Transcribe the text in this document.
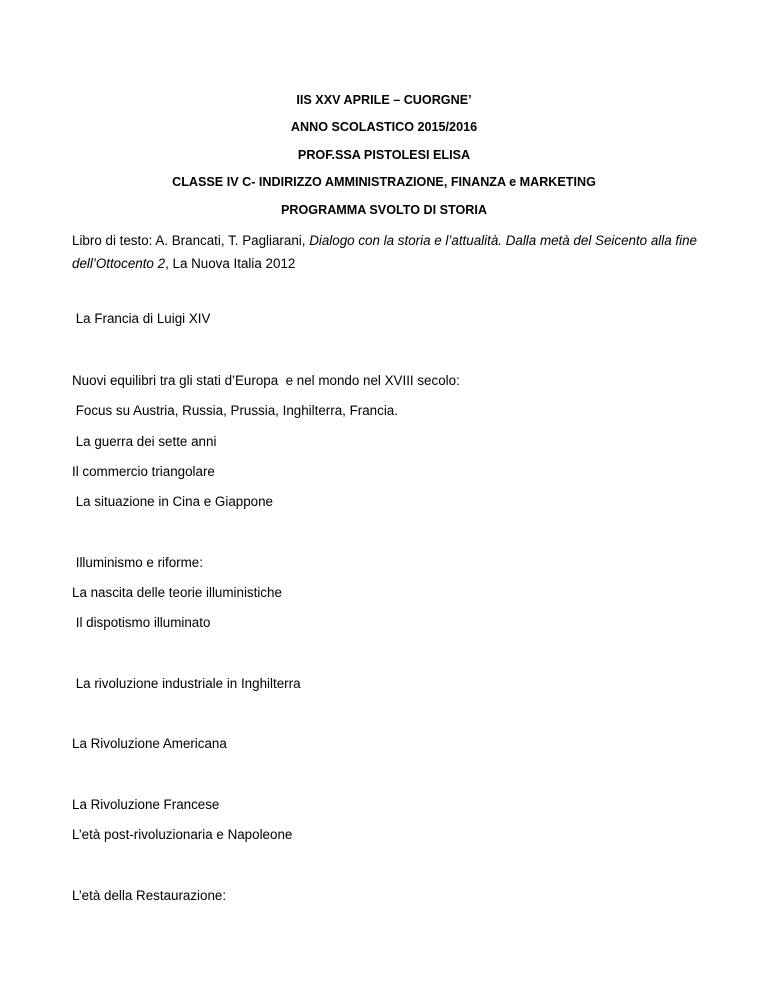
IIS XXV APRILE – CUORGNE’
ANNO SCOLASTICO 2015/2016
PROF.SSA PISTOLESI ELISA
CLASSE IV C- INDIRIZZO AMMINISTRAZIONE, FINANZA e MARKETING
PROGRAMMA SVOLTO DI STORIA
Libro di testo: A. Brancati, T. Pagliarani, Dialogo con la storia e l’attualità. Dalla metà del Seicento alla fine
dell’Ottocento 2, La Nuova Italia 2012
La Francia di Luigi XIV
Nuovi equilibri tra gli stati d’Europa  e nel mondo nel XVIII secolo:
Focus su Austria, Russia, Prussia, Inghilterra, Francia.
La guerra dei sette anni
Il commercio triangolare
La situazione in Cina e Giappone
Illuminismo e riforme:
La nascita delle teorie illuministiche
Il dispotismo illuminato
La rivoluzione industriale in Inghilterra
La Rivoluzione Americana
La Rivoluzione Francese
L’età post-rivoluzionaria e Napoleone
L’età della Restaurazione:
